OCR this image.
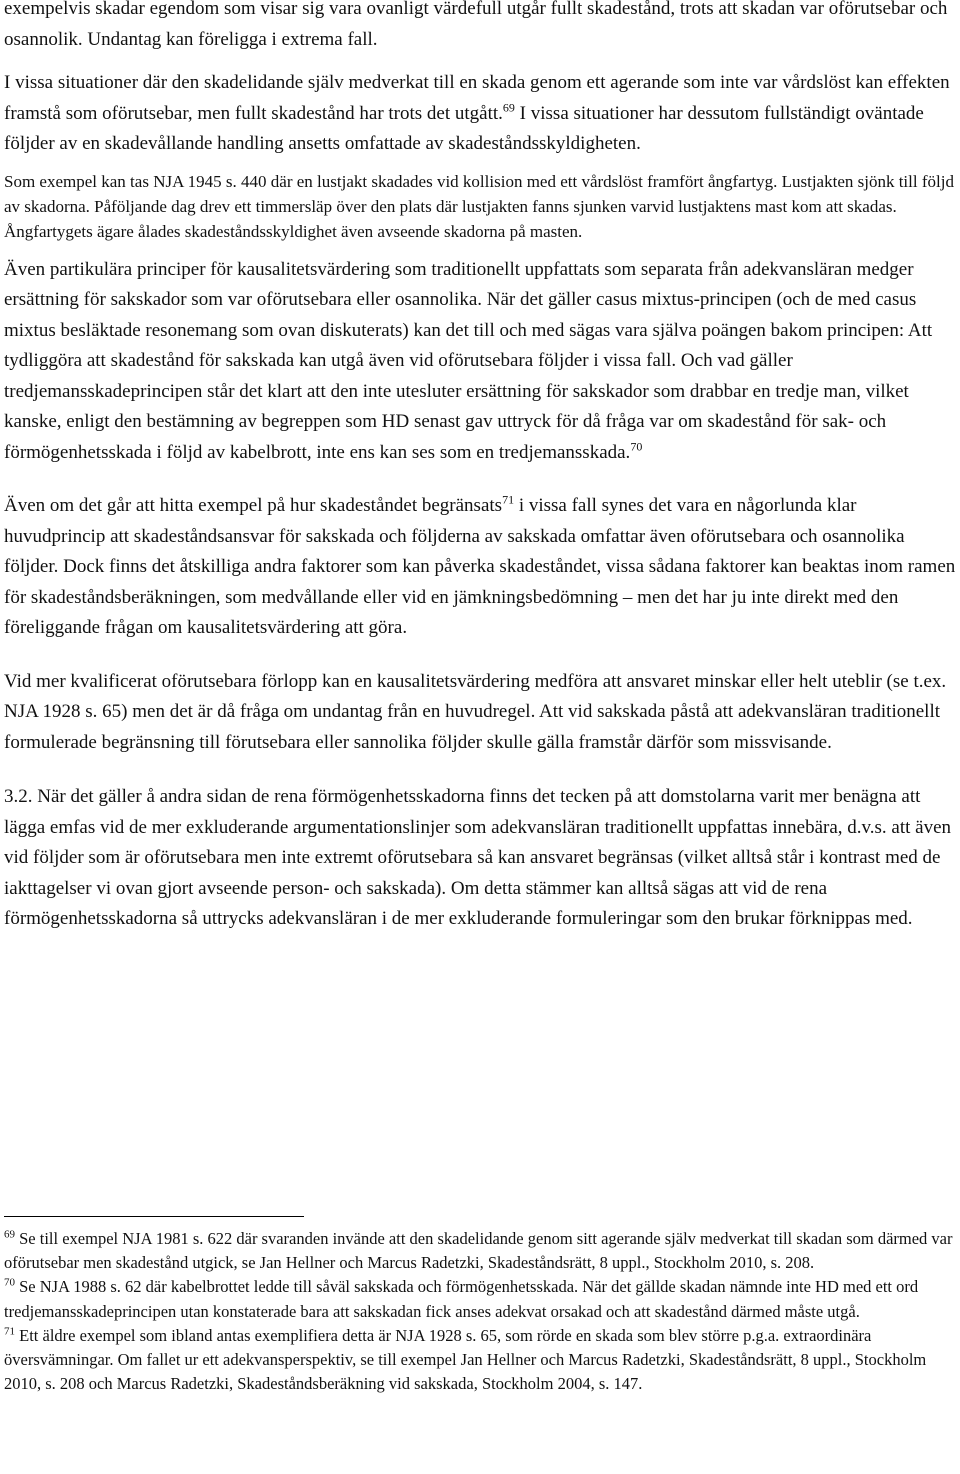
exempelvis skadar egendom som visar sig vara ovanligt värdefull utgår fullt skadestånd, trots att skadan var oförutsebar och osannolik. Undantag kan föreligga i extrema fall.

I vissa situationer där den skadelidande själv medverkat till en skada genom ett agerande som inte var vårdslöst kan effekten framstå som oförutsebar, men fullt skadestånd har trots det utgått.$^{69}$ I vissa situationer har dessutom fullständigt oväntade följder av en skadevållande handling ansetts omfattade av skadeståndsskyldigheten.

Som exempel kan tas NJA 1945 s. 440 där en lustjakt skadades vid kollision med ett vårdslöst framfört ångfartyg. Lustjakten sjönk till följd av skadorna. Påföljande dag drev ett timmersläp över den plats där lustjakten fanns sjunken varvid lustjaktens mast kom att skadas. Ångfartygets ägare ålades skadeståndsskyldighet även avseende skadorna på masten.

Även partikulära principer för kausalitetsvärdering som traditionellt uppfattats som separata från adekvansläran medger ersättning för sakskador som var oförutsebara eller osannolika. När det gäller casus mixtus-principen (och de med casus mixtus besläktade resonemang som ovan diskuterats) kan det till och med sägas vara själva poängen bakom principen: Att tydliggöra att skadestånd för sakskada kan utgå även vid oförutsebara följder i vissa fall. Och vad gäller tredjemansskadeprincipen står det klart att den inte utesluter ersättning för sakskador som drabbar en tredje man, vilket kanske, enligt den bestämning av begreppen som HD senast gav uttryck för då fråga var om skadestånd för sak- och förmögenhetsskada i följd av kabelbrott, inte ens kan ses som en tredjemansskada.$^{70}$

Även om det går att hitta exempel på hur skadeståndet begränsats$^{71}$ i vissa fall synes det vara en någorlunda klar huvudprincip att skadeståndsansvar för sakskada och följderna av sakskada omfattar även oförutsebara och osannolika följder. Dock finns det åtskilliga andra faktorer som kan påverka skadeståndet, vissa sådana faktorer kan beaktas inom ramen för skadeståndsberäkningen, som medvållande eller vid en jämkningsbedömning – men det har ju inte direkt med den föreliggande frågan om kausalitetsvärdering att göra.

Vid mer kvalificerat oförutsebara förlopp kan en kausalitetsvärdering medföra att ansvaret minskar eller helt uteblir (se t.ex. NJA 1928 s. 65) men det är då fråga om undantag från en huvudregel. Att vid sakskada påstå att adekvansläran traditionellt formulerade begränsning till förutsebara eller sannolika följder skulle gälla framstår därför som missvisande.

3.2. När det gäller å andra sidan de rena förmögenhetsskadorna finns det tecken på att domstolarna varit mer benägna att lägga emfas vid de mer exkluderande argumentationslinjer som adekvansläran traditionellt uppfattas innebära, d.v.s. att även vid följder som är oförutsebara men inte extremt oförutsebara så kan ansvaret begränsas (vilket alltså står i kontrast med de iakttagelser vi ovan gjort avseende person- och sakskada). Om detta stämmer kan alltså sägas att vid de rena förmögenhetsskadorna så uttrycks adekvansläran i de mer exkluderande formuleringar som den brukar förknippas med.

$^{69}$ Se till exempel NJA 1981 s. 622 där svaranden invände att den skadelidande genom sitt agerande själv medverkat till skadan som därmed var oförutsebar men skadestånd utgick, se Jan Hellner och Marcus Radetzki, Skadeståndsrätt, 8 uppl., Stockholm 2010, s. 208.

$^{70}$ Se NJA 1988 s. 62 där kabelbrottet ledde till såväl sakskada och förmögenhetsskada. När det gällde skadan nämnde inte HD med ett ord tredjemansskadeprincipen utan konstaterade bara att sakskadan fick anses adekvat orsakad och att skadestånd därmed måste utgå.

$^{71}$ Ett äldre exempel som ibland antas exemplifiera detta är NJA 1928 s. 65, som rörde en skada som blev större p.g.a. extraordinära översvämningar. Om fallet ur ett adekvansperspektiv, se till exempel Jan Hellner och Marcus Radetzki, Skadeståndsrätt, 8 uppl., Stockholm 2010, s. 208 och Marcus Radetzki, Skadeståndsberäkning vid sakskada, Stockholm 2004, s. 147.
